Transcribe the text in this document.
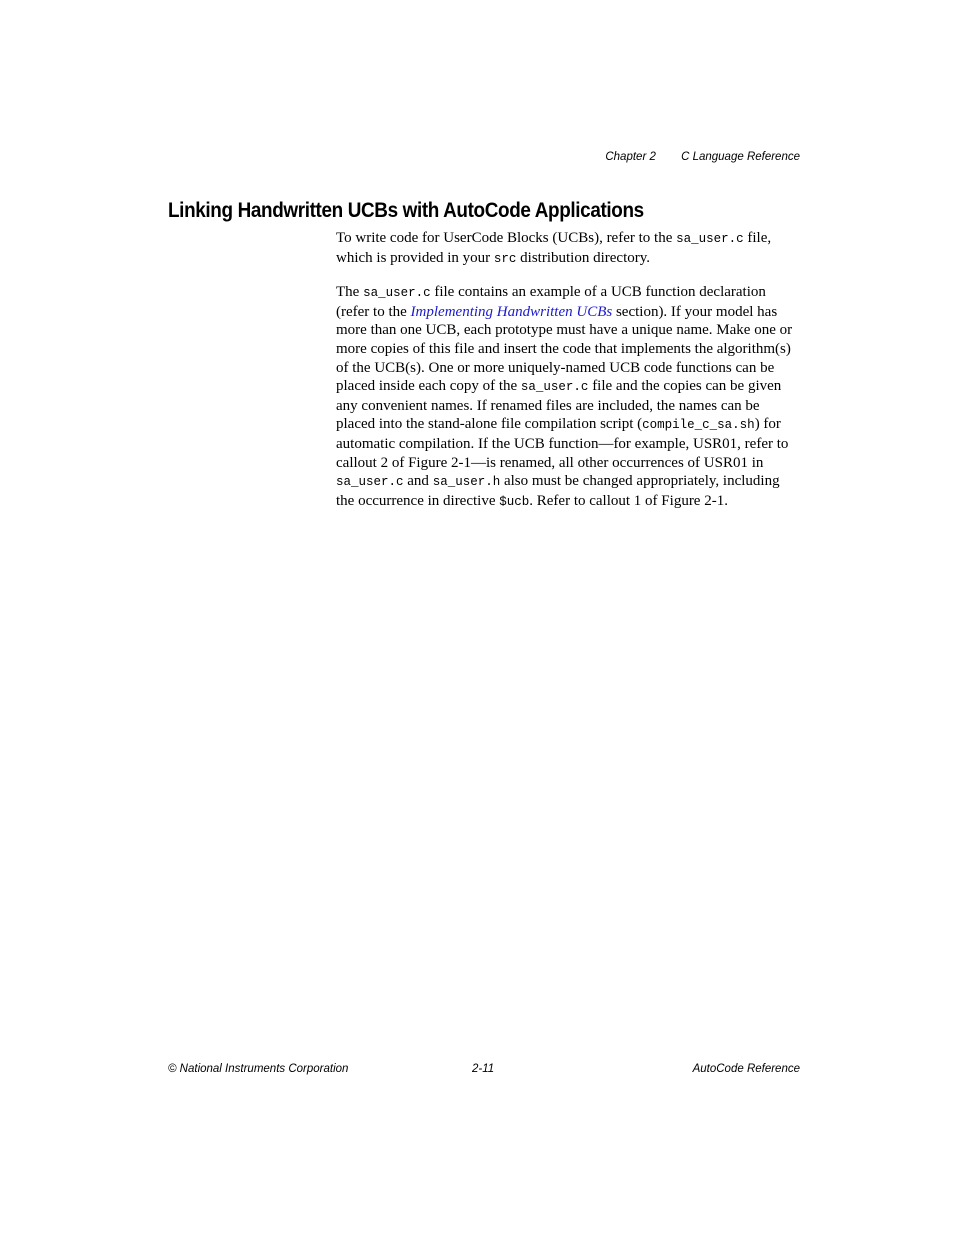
Chapter 2 C Language Reference
Linking Handwritten UCBs with AutoCode Applications

To write code for UserCode Blocks (UCBs), refer to the sa_user.c file, which is provided in your src distribution directory.

The sa_user.c file contains an example of a UCB function declaration (refer to the Implementing Handwritten UCBs section). If your model has more than one UCB, each prototype must have a unique name. Make one or more copies of this file and insert the code that implements the algorithm(s) of the UCB(s). One or more uniquely-named UCB code functions can be placed inside each copy of the sa_user.c file and the copies can be given any convenient names. If renamed files are included, the names can be placed into the stand-alone file compilation script (compile_c_sa.sh) for automatic compilation. If the UCB function—for example, USR01, refer to callout 2 of Figure 2-1—is renamed, all other occurrences of USR01 in sa_user.c and sa_user.h also must be changed appropriately, including the occurrence in directive $ucb. Refer to callout 1 of Figure 2-1.

© National Instruments Corporation	2-11	AutoCode Reference
